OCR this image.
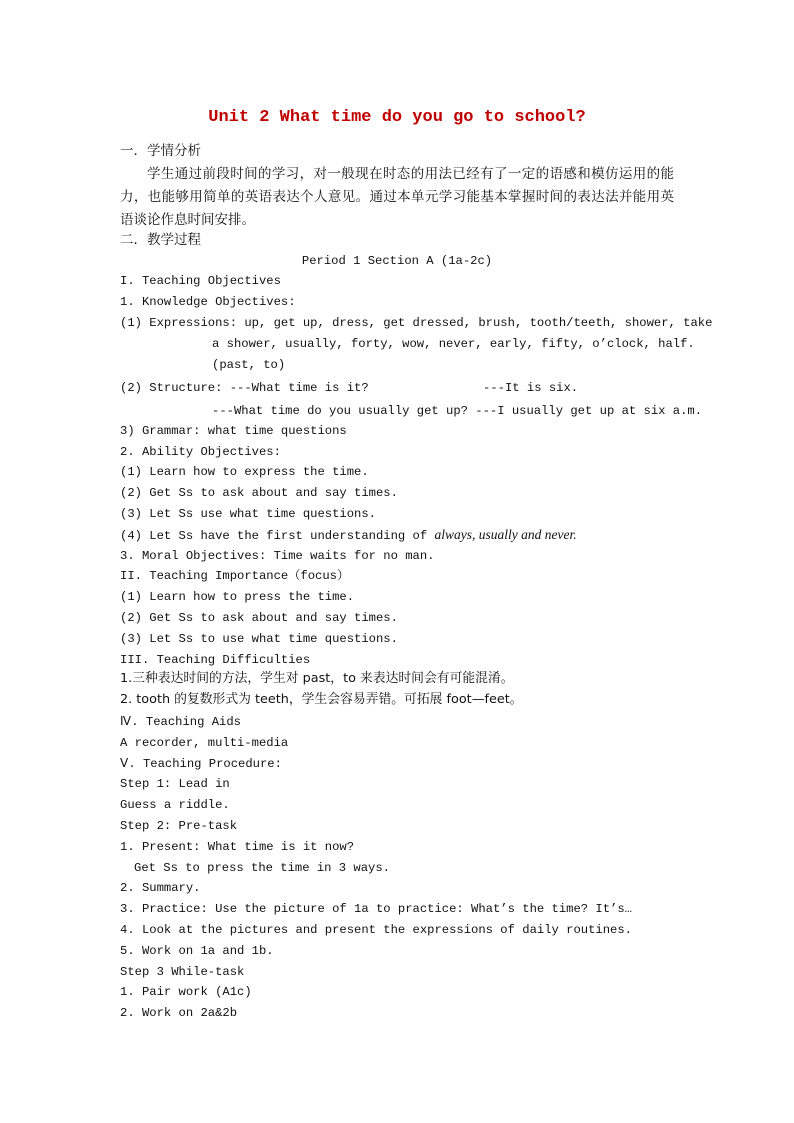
Unit 2 What time do you go to school?
一．学情分析
学生通过前段时间的学习，对一般现在时态的用法已经有了一定的语感和模仿运用的能
力，也能够用简单的英语表达个人意见。通过本单元学习能基本掌握时间的表达法并能用英
语谈论作息时间安排。
二．教学过程
Period 1 Section A (1a-2c)
I. Teaching Objectives
1. Knowledge Objectives:
(1) Expressions: up, get up, dress, get dressed, brush, tooth/teeth, shower, take
a shower, usually, forty, wow, never, early, fifty, o’clock, half.
(past, to)
(2) Structure: ---What time is it?	---It is six.
---What time do you usually get up? ---I usually get up at six a.m.
3) Grammar: what time questions
2. Ability Objectives:
(1) Learn how to express the time.
(2) Get Ss to ask about and say times.
(3) Let Ss use what time questions.
(4) Let Ss have the first understanding of always, usually and never.
3. Moral Objectives: Time waits for no man.
II. Teaching Importance（focus）
(1) Learn how to press the time.
(2) Get Ss to ask about and say times.
(3) Let Ss to use what time questions.
III. Teaching Difficulties
1.三种表达时间的方法，学生对 past，to 来表达时间会有可能混淆。
2. tooth 的复数形式为 teeth，学生会容易弄错。可拓展 foot—feet。
Ⅳ. Teaching Aids
A recorder, multi-media
Ⅴ. Teaching Procedure:
Step 1: Lead in
Guess a riddle.
Step 2: Pre-task
1. Present: What time is it now?
Get Ss to press the time in 3 ways.
2. Summary.
3. Practice: Use the picture of 1a to practice: What’s the time? It’s…
4. Look at the pictures and present the expressions of daily routines.
5. Work on 1a and 1b.
Step 3 While-task
1. Pair work (A1c)
2. Work on 2a&2b
